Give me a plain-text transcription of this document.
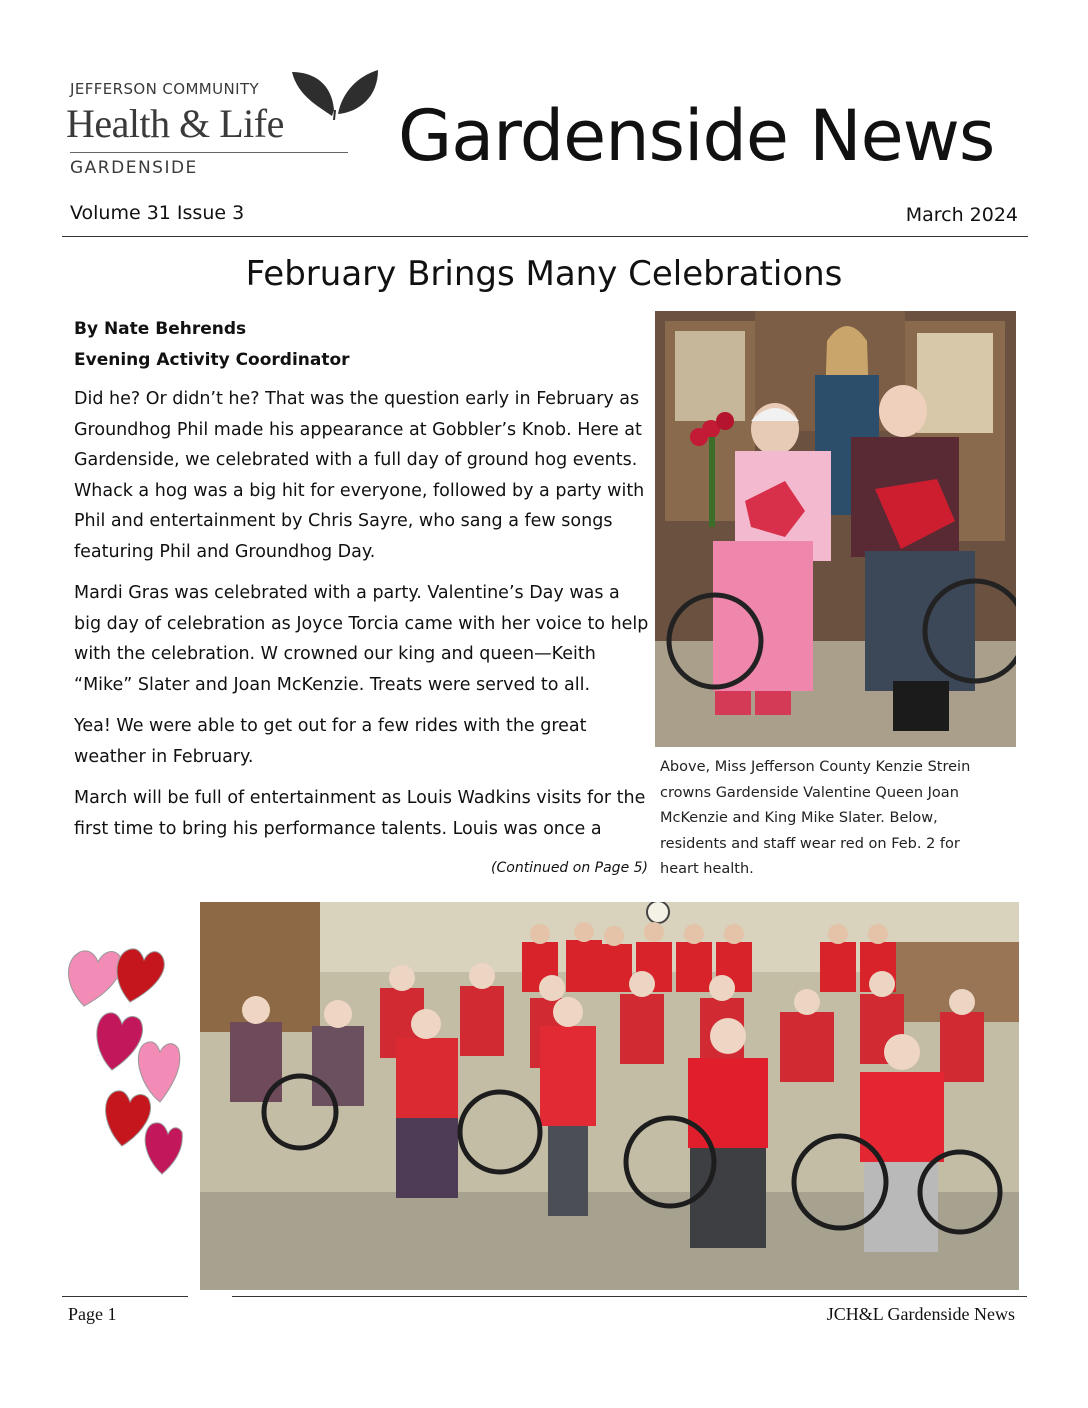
JEFFERSON COMMUNITY
Health & Life
GARDENSIDE	Gardenside News
Volume 31 Issue 3	March 2024
February Brings Many Celebrations
By Nate Behrends
Evening Activity Coordinator

Did he? Or didn’t he? That was the question early in February as Groundhog Phil made his appearance at Gobbler’s Knob. Here at Gardenside, we celebrated with a full day of ground hog events. Whack a hog was a big hit for everyone, followed by a party with Phil and entertainment by Chris Sayre, who sang a few songs featuring Phil and Groundhog Day.

Mardi Gras was celebrated with a party. Valentine’s Day was a big day of celebration as Joyce Torcia came with her voice to help with the celebration. W crowned our king and queen—Keith “Mike” Slater and Joan McKenzie. Treats were served to all.

Yea! We were able to get out for a few rides with the great weather in February.

March will be full of entertainment as Louis Wadkins visits for the first time to bring his performance talents. Louis was once a

(Continued on Page 5)
Above, Miss Jefferson County Kenzie Strein crowns Gardenside Valentine Queen Joan McKenzie and King Mike Slater. Below, residents and staff wear red on Feb. 2 for heart health.
Page 1	JCH&L Gardenside News
